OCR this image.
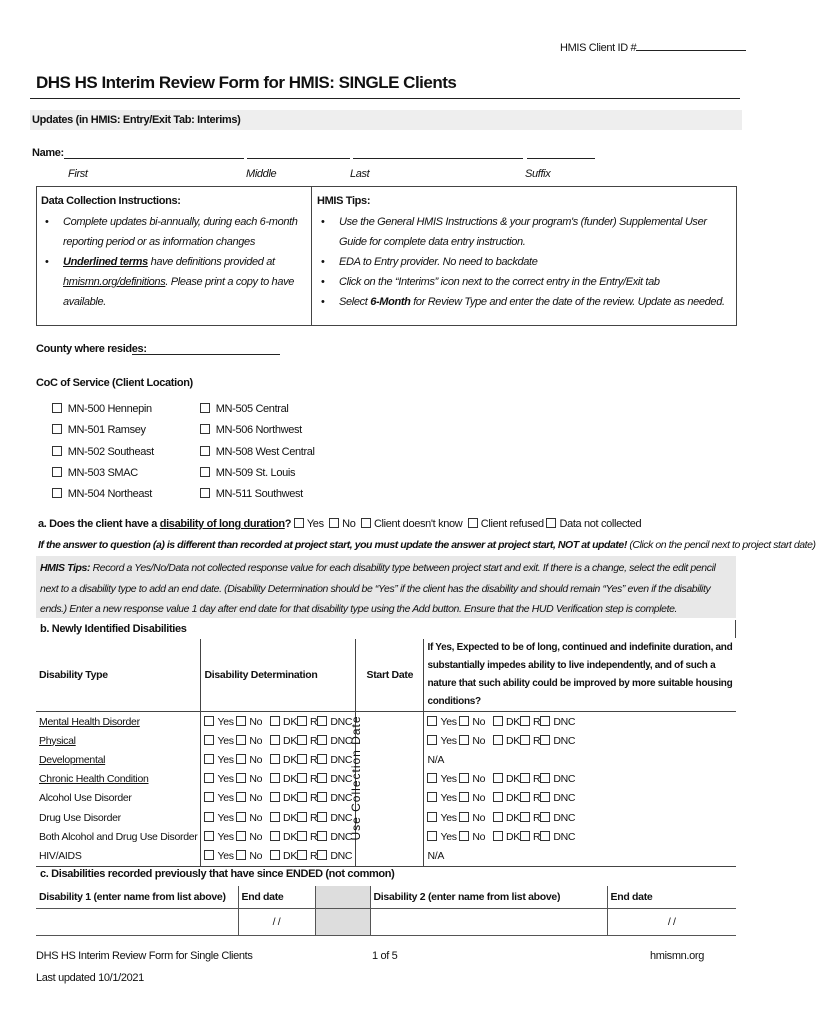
HMIS Client ID #
DHS HS Interim Review Form for HMIS: SINGLE Clients
Updates (in HMIS: Entry/Exit Tab: Interims)
Name:
First	Middle	Last	Suffix
Data Collection Instructions:
• Complete updates bi-annually, during each 6-month reporting period or as information changes
• Underlined terms have definitions provided at hmismn.org/definitions. Please print a copy to have available.
HMIS Tips:
• Use the General HMIS Instructions & your program's (funder) Supplemental User Guide for complete data entry instruction.
• EDA to Entry provider. No need to backdate
• Click on the “Interims” icon next to the correct entry in the Entry/Exit tab
• Select 6-Month for Review Type and enter the date of the review. Update as needed.
County where resides:
CoC of Service (Client Location)
MN-500 Hennepin
MN-501 Ramsey
MN-502 Southeast
MN-503 SMAC
MN-504 Northeast
MN-505 Central
MN-506 Northwest
MN-508 West Central
MN-509 St. Louis
MN-511 Southwest
a. Does the client have a disability of long duration? Yes No Client doesn't know Client refused Data not collected
If the answer to question (a) is different than recorded at project start, you must update the answer at project start, NOT at update! (Click on the pencil next to project start date)
HMIS Tips: Record a Yes/No/Data not collected response value for each disability type between project start and exit. If there is a change, select the edit pencil next to a disability type to add an end date. (Disability Determination should be “Yes” if the client has the disability and should remain “Yes” even if the disability ends.) Enter a new response value 1 day after end date for that disability type using the Add button. Ensure that the HUD Verification step is complete.
b. Newly Identified Disabilities
Disability Type	Disability Determination	Start Date	If Yes, Expected to be of long, continued and indefinite duration, and substantially impedes ability to live independently, and of such a nature that such ability could be improved by more suitable housing conditions?
Mental Health Disorder	Yes No DK R DNC		Yes No DK R DNC
Physical	Yes No DK R DNC		Yes No DK R DNC
Developmental	Yes No DK R DNC		N/A
Chronic Health Condition	Yes No DK R DNC		Yes No DK R DNC
Alcohol Use Disorder	Yes No DK R DNC		Yes No DK R DNC
Drug Use Disorder	Yes No DK R DNC		Yes No DK R DNC
Both Alcohol and Drug Use Disorder	Yes No DK R DNC		Yes No DK R DNC
HIV/AIDS	Yes No DK R DNC		N/A
Use Collection Date
c. Disabilities recorded previously that have since ENDED (not common)
Disability 1 (enter name from list above)	End date		Disability 2 (enter name from list above)	End date
	/ /			/ /
DHS HS Interim Review Form for Single Clients	1 of 5	hmismn.org
Last updated 10/1/2021
